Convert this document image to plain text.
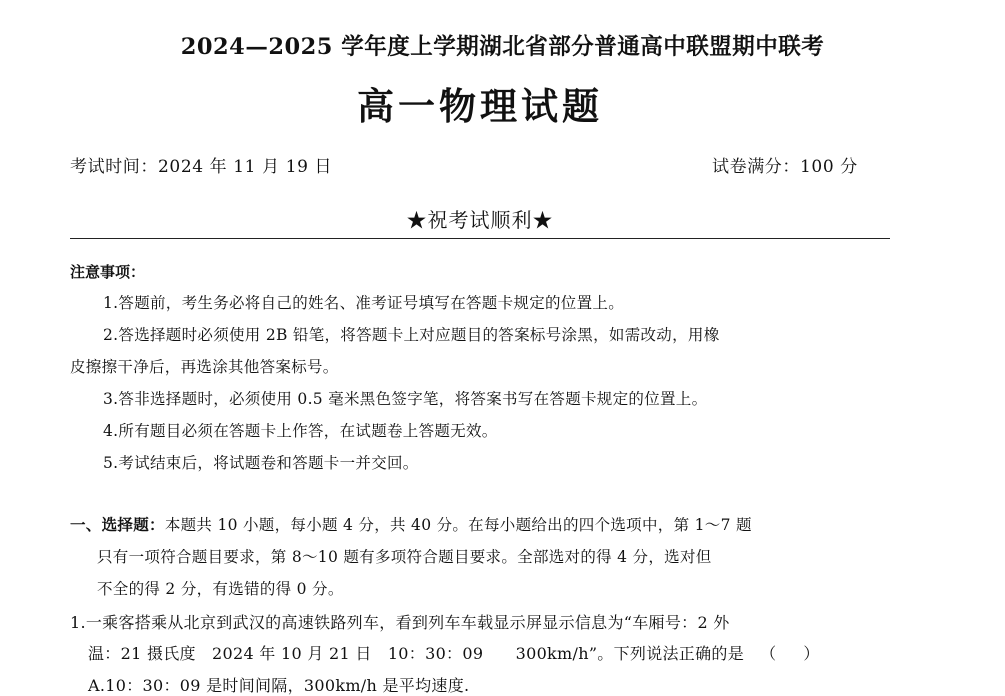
2024—2025 学年度上学期湖北省部分普通高中联盟期中联考
高一物理试题
考试时间：2024 年 11 月 19 日	试卷满分：100 分
★祝考试顺利★
注意事项：
1.答题前，考生务必将自己的姓名、准考证号填写在答题卡规定的位置上。
2.答选择题时必须使用 2B 铅笔，将答题卡上对应题目的答案标号涂黑，如需改动，用橡
皮擦擦干净后，再选涂其他答案标号。
3.答非选择题时，必须使用 0.5 毫米黑色签字笔，将答案书写在答题卡规定的位置上。
4.所有题目必须在答题卡上作答，在试题卷上答题无效。
5.考试结束后，将试题卷和答题卡一并交回。
一、选择题：本题共 10 小题，每小题 4 分，共 40 分。在每小题给出的四个选项中，第 1～7 题
只有一项符合题目要求，第 8～10 题有多项符合题目要求。全部选对的得 4 分，选对但
不全的得 2 分，有选错的得 0 分。
1.一乘客搭乘从北京到武汉的高速铁路列车，看到列车车载显示屏显示信息为“车厢号：2 外
温：21 摄氏度   2024 年 10 月 21 日   10：30：09      300km/h”。下列说法正确的是   （     ）
A.10：30：09 是时间间隔，300km/h 是平均速度.
